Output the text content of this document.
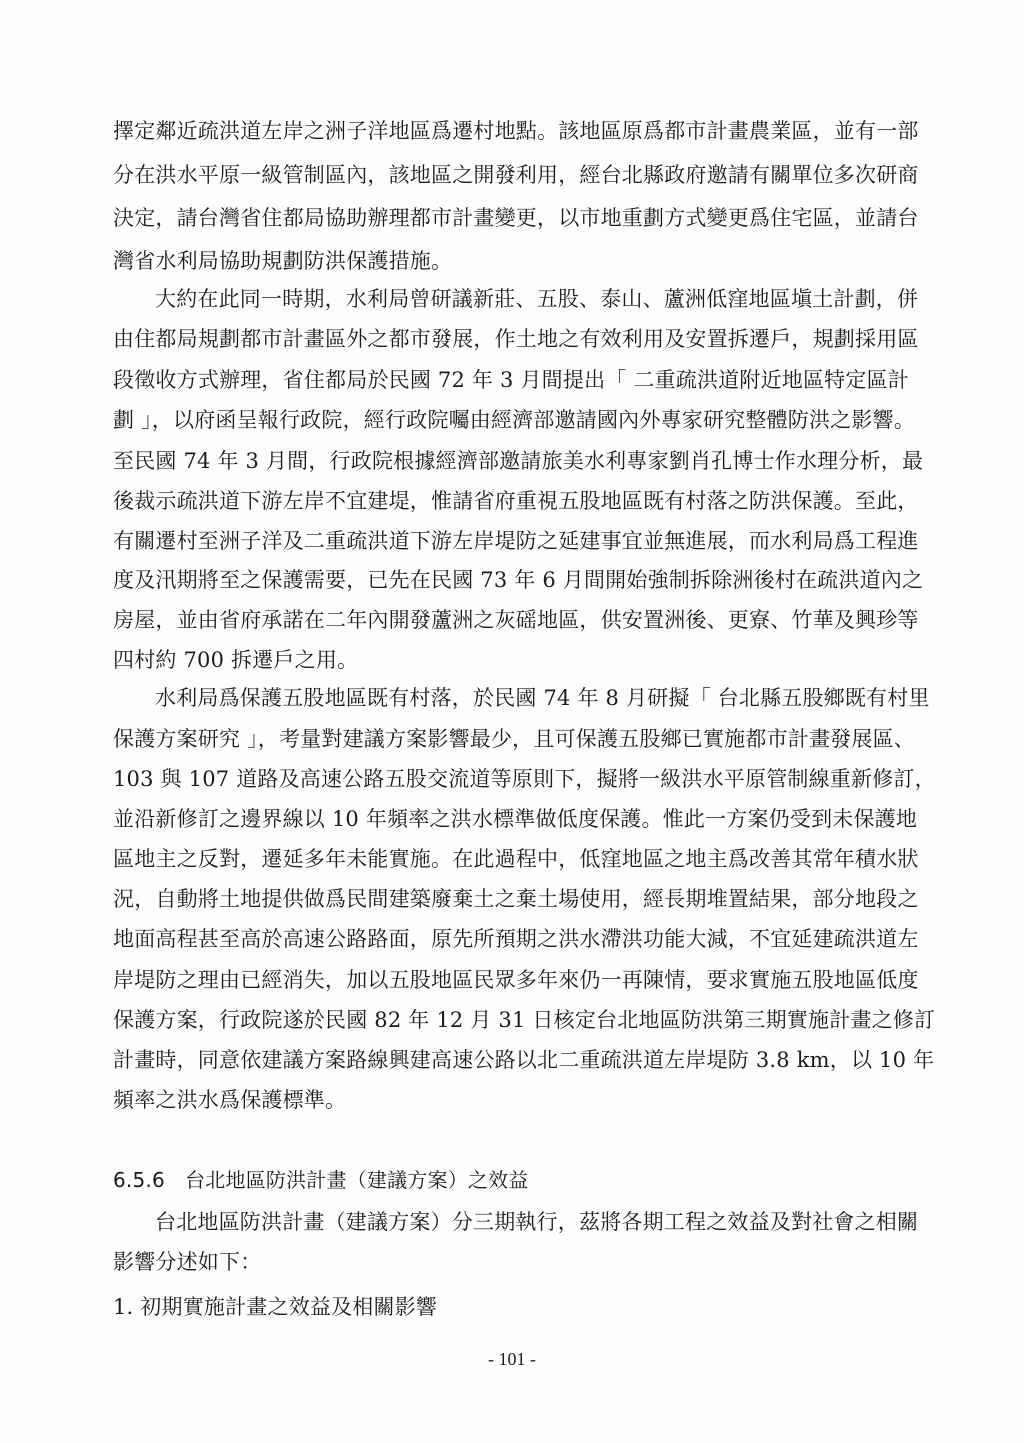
擇定鄰近疏洪道左岸之洲子洋地區爲遷村地點。該地區原爲都市計畫農業區，並有一部
分在洪水平原一級管制區內，該地區之開發利用，經台北縣政府邀請有關單位多次研商
決定，請台灣省住都局協助辦理都市計畫變更，以市地重劃方式變更爲住宅區，並請台
灣省水利局協助規劃防洪保護措施。
大約在此同一時期，水利局曾研議新莊、五股、泰山、蘆洲低窪地區塡土計劃，併
由住都局規劃都市計畫區外之都市發展，作土地之有效利用及安置拆遷戶，規劃採用區
段徵收方式辦理，省住都局於民國 72 年 3 月間提出「 二重疏洪道附近地區特定區計
劃 」，以府函呈報行政院，經行政院囑由經濟部邀請國內外專家研究整體防洪之影響。
至民國 74 年 3 月間，行政院根據經濟部邀請旅美水利專家劉肖孔博士作水理分析，最
後裁示疏洪道下游左岸不宜建堤，惟請省府重視五股地區既有村落之防洪保護。至此，
有關遷村至洲子洋及二重疏洪道下游左岸堤防之延建事宜並無進展，而水利局爲工程進
度及汛期將至之保護需要，已先在民國 73 年 6 月間開始強制拆除洲後村在疏洪道內之
房屋，並由省府承諾在二年內開發蘆洲之灰磘地區，供安置洲後、更寮、竹華及興珍等
四村約 700 拆遷戶之用。
水利局爲保護五股地區既有村落，於民國 74 年 8 月研擬「 台北縣五股鄉既有村里
保護方案研究 」，考量對建議方案影響最少，且可保護五股鄉已實施都市計畫發展區、
103 與 107 道路及高速公路五股交流道等原則下，擬將一級洪水平原管制線重新修訂，
並沿新修訂之邊界線以 10 年頻率之洪水標準做低度保護。惟此一方案仍受到未保護地
區地主之反對，遷延多年未能實施。在此過程中，低窪地區之地主爲改善其常年積水狀
況，自動將土地提供做爲民間建築廢棄土之棄土場使用，經長期堆置結果，部分地段之
地面高程甚至高於高速公路路面，原先所預期之洪水滯洪功能大減，不宜延建疏洪道左
岸堤防之理由已經消失，加以五股地區民眾多年來仍一再陳情，要求實施五股地區低度
保護方案，行政院遂於民國 82 年 12 月 31 日核定台北地區防洪第三期實施計畫之修訂
計畫時，同意依建議方案路線興建高速公路以北二重疏洪道左岸堤防 3.8 km，以 10 年
頻率之洪水爲保護標準。
6.5.6　台北地區防洪計畫（建議方案）之效益
台北地區防洪計畫（建議方案）分三期執行，茲將各期工程之效益及對社會之相關
影響分述如下：
1. 初期實施計畫之效益及相關影響
- 101 -
